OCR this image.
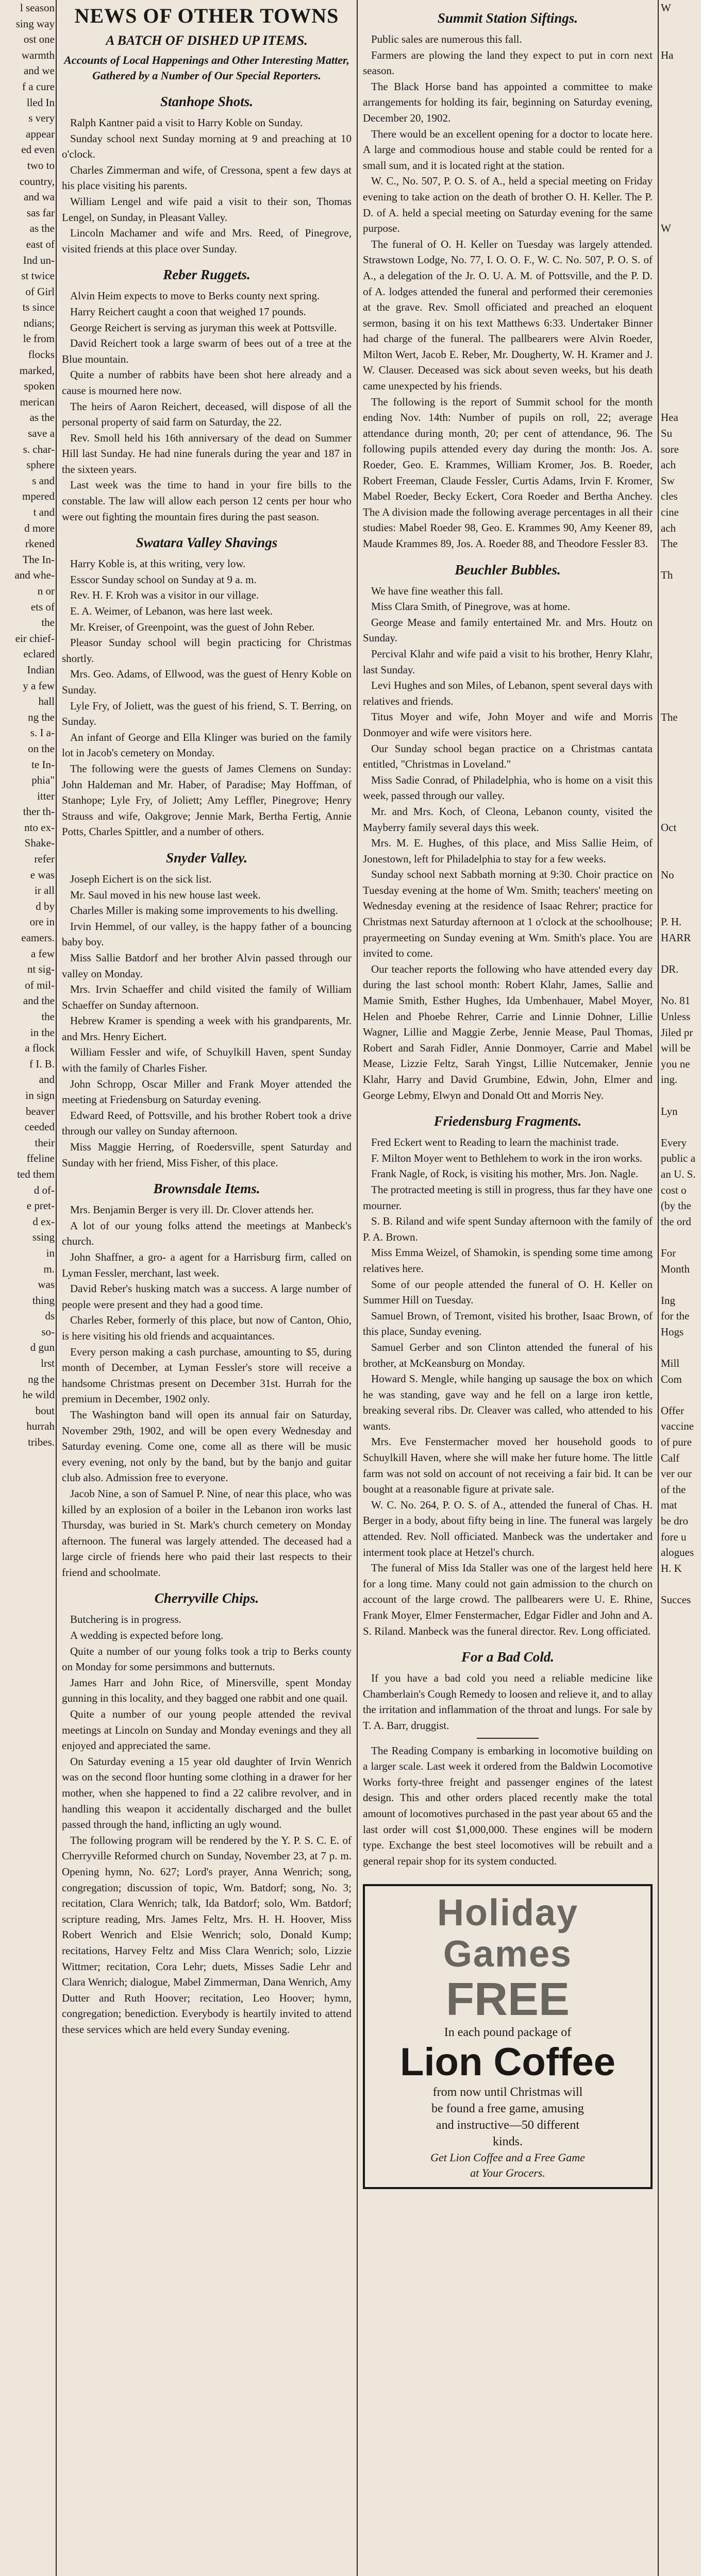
l season
sing way
ost one
warmth
and we
f a cure
lled In
s very
appear
ed even
two to
country,
and wa
sas far
as the
east of
Ind un-
st twice
of Girl
ts since
ndians;
le from
flocks
marked,
spoken
merican
as the
save a
s. char-
sphere
s and
mpered
t and
d more
rkened
The In-
and whe-
n or
ets of
the
eir chief-
eclared
Indian
y a few
hall
ng the
s. I a-
on the
te In-
phia"
itter
ther th-
nto ex-
Shake-
refer
e was
ir all
d by
ore in
eamers.
a few
nt sig-
of mil-
and the
the
in the
a flock
f I. B.
and
in sign
beaver
ceeded
their
ffeline
ted them
d of-
e pret-
d ex-
ssing
in
m.
was
thing
ds
so-
d gun
lrst
ng the
he wild
bout
hurrah
tribes.
NEWS OF OTHER TOWNS
A BATCH OF DISHED UP ITEMS.
Accounts of Local Happenings and Other Interesting Matter, Gathered by a Number of Our Special Reporters.
Stanhope Shots.

Ralph Kantner paid a visit to Harry Koble on Sunday.

Sunday school next Sunday morning at 9 and preaching at 10 o'clock.

Charles Zimmerman and wife, of Cressona, spent a few days at his place visiting his parents.

William Lengel and wife paid a visit to their son, Thomas Lengel, on Sunday, in Pleasant Valley.

Lincoln Machamer and wife and Mrs. Reed, of Pinegrove, visited friends at this place over Sunday.

Reber Ruggets.

Alvin Heim expects to move to Berks county next spring.

Harry Reichert caught a coon that weighed 17 pounds.

George Reichert is serving as juryman this week at Pottsville.

David Reichert took a large swarm of bees out of a tree at the Blue mountain.

Quite a number of rabbits have been shot here already and a cause is mourned here now.

The heirs of Aaron Reichert, deceased, will dispose of all the personal property of said farm on Saturday, the 22.

Rev. Smoll held his 16th anniversary of the dead on Summer Hill last Sunday. He had nine funerals during the year and 187 in the sixteen years.

Last week was the time to hand in your fire bills to the constable. The law will allow each person 12 cents per hour who were out fighting the mountain fires during the past season.

Swatara Valley Shavings

Harry Koble is, at this writing, very low.

Esscor Sunday school on Sunday at 9 a. m.

Rev. H. F. Kroh was a visitor in our village.

E. A. Weimer, of Lebanon, was here last week.

Mr. Kreiser, of Greenpoint, was the guest of John Reber.

Pleasor Sunday school will begin practicing for Christmas shortly.

Mrs. Geo. Adams, of Ellwood, was the guest of Henry Koble on Sunday.

Lyle Fry, of Joliett, was the guest of his friend, S. T. Berring, on Sunday.

An infant of George and Ella Klinger was buried on the family lot in Jacob's cemetery on Monday.

The following were the guests of James Clemens on Sunday: John Haldeman and Mr. Haber, of Paradise; May Hoffman, of Stanhope; Lyle Fry, of Joliett; Amy Leffler, Pinegrove; Henry Strauss and wife, Oakgrove; Jennie Mark, Bertha Fertig, Annie Potts, Charles Spittler, and a number of others.

Snyder Valley.

Joseph Eichert is on the sick list.

Mr. Saul moved in his new house last week.

Charles Miller is making some improvements to his dwelling.

Irvin Hemmel, of our valley, is the happy father of a bouncing baby boy.

Miss Sallie Batdorf and her brother Alvin passed through our valley on Monday.

Mrs. Irvin Schaeffer and child visited the family of William Schaeffer on Sunday afternoon.

Hebrew Kramer is spending a week with his grandparents, Mr. and Mrs. Henry Eichert.

William Fessler and wife, of Schuylkill Haven, spent Sunday with the family of Charles Fisher.

John Schropp, Oscar Miller and Frank Moyer attended the meeting at Friedensburg on Saturday evening.

Edward Reed, of Pottsville, and his brother Robert took a drive through our valley on Sunday afternoon.

Miss Maggie Herring, of Roedersville, spent Saturday and Sunday with her friend, Miss Fisher, of this place.

Brownsdale Items.

Mrs. Benjamin Berger is very ill. Dr. Clover attends her.

A lot of our young folks attend the meetings at Manbeck's church.

John Shaffner, a gro- a agent for a Harrisburg firm, called on Lyman Fessler, merchant, last week.

David Reber's husking match was a success. A large number of people were present and they had a good time.

Charles Reber, formerly of this place, but now of Canton, Ohio, is here visiting his old friends and acquaintances.

Every person making a cash purchase, amounting to $5, during month of December, at Lyman Fessler's store will receive a handsome Christmas present on December 31st. Hurrah for the premium in December, 1902 only.

The Washington band will open its annual fair on Saturday, November 29th, 1902, and will be open every Wednesday and Saturday evening. Come one, come all as there will be music every evening, not only by the band, but by the banjo and guitar club also. Admission free to everyone.

Jacob Nine, a son of Samuel P. Nine, of near this place, who was killed by an explosion of a boiler in the Lebanon iron works last Thursday, was buried in St. Mark's church cemetery on Monday afternoon. The funeral was largely attended. The deceased had a large circle of friends here who paid their last respects to their friend and schoolmate.

Cherryville Chips.

Butchering is in progress.

A wedding is expected before long.

Quite a number of our young folks took a trip to Berks county on Monday for some persimmons and butternuts.

James Harr and John Rice, of Minersville, spent Monday gunning in this locality, and they bagged one rabbit and one quail.

Quite a number of our young people attended the revival meetings at Lincoln on Sunday and Monday evenings and they all enjoyed and appreciated the same.

On Saturday evening a 15 year old daughter of Irvin Wenrich was on the second floor hunting some clothing in a drawer for her mother, when she happened to find a 22 calibre revolver, and in handling this weapon it accidentally discharged and the bullet passed through the hand, inflicting an ugly wound.

The following program will be rendered by the Y. P. S. C. E. of Cherryville Reformed church on Sunday, November 23, at 7 p. m. Opening hymn, No. 627; Lord's prayer, Anna Wenrich; song, congregation; discussion of topic, Wm. Batdorf; song, No. 3; recitation, Clara Wenrich; talk, Ida Batdorf; solo, Wm. Batdorf; scripture reading, Mrs. James Feltz, Mrs. H. H. Hoover, Miss Robert Wenrich and Elsie Wenrich; solo, Donald Kump; recitations, Harvey Feltz and Miss Clara Wenrich; solo, Lizzie Wittmer; recitation, Cora Lehr; duets, Misses Sadie Lehr and Clara Wenrich; dialogue, Mabel Zimmerman, Dana Wenrich, Amy Dutter and Ruth Hoover; recitation, Leo Hoover; hymn, congregation; benediction. Everybody is heartily invited to attend these services which are held every Sunday evening.

Summit Station Siftings.

Public sales are numerous this fall.

Farmers are plowing the land they expect to put in corn next season.

The Black Horse band has appointed a committee to make arrangements for holding its fair, beginning on Saturday evening, December 20, 1902.

There would be an excellent opening for a doctor to locate here. A large and commodious house and stable could be rented for a small sum, and it is located right at the station.

W. C., No. 507, P. O. S. of A., held a special meeting on Friday evening to take action on the death of brother O. H. Keller. The P. D. of A. held a special meeting on Saturday evening for the same purpose.

The funeral of O. H. Keller on Tuesday was largely attended. Strawstown Lodge, No. 77, I. O. O. F., W. C. No. 507, P. O. S. of A., a delegation of the Jr. O. U. A. M. of Pottsville, and the P. D. of A. lodges attended the funeral and performed their ceremonies at the grave. Rev. Smoll officiated and preached an eloquent sermon, basing it on his text Matthews 6:33. Undertaker Binner had charge of the funeral. The pallbearers were Alvin Roeder, Milton Wert, Jacob E. Reber, Mr. Dougherty, W. H. Kramer and J. W. Clauser. Deceased was sick about seven weeks, but his death came unexpected by his friends.

The following is the report of Summit school for the month ending Nov. 14th: Number of pupils on roll, 22; average attendance during month, 20; per cent of attendance, 96. The following pupils attended every day during the month: Jos. A. Roeder, Geo. E. Krammes, William Kromer, Jos. B. Roeder, Robert Freeman, Claude Fessler, Curtis Adams, Irvin F. Kromer, Mabel Roeder, Becky Eckert, Cora Roeder and Bertha Anchey. The A division made the following average percentages in all their studies: Mabel Roeder 98, Geo. E. Krammes 90, Amy Keener 89, Maude Krammes 89, Jos. A. Roeder 88, and Theodore Fessler 83.

Beuchler Bubbles.

We have fine weather this fall.

Miss Clara Smith, of Pinegrove, was at home.

George Mease and family entertained Mr. and Mrs. Houtz on Sunday.

Percival Klahr and wife paid a visit to his brother, Henry Klahr, last Sunday.

Levi Hughes and son Miles, of Lebanon, spent several days with relatives and friends.

Titus Moyer and wife, John Moyer and wife and Morris Donmoyer and wife were visitors here.

Our Sunday school began practice on a Christmas cantata entitled, "Christmas in Loveland."

Miss Sadie Conrad, of Philadelphia, who is home on a visit this week, passed through our valley.

Mr. and Mrs. Koch, of Cleona, Lebanon county, visited the Mayberry family several days this week.

Mrs. M. E. Hughes, of this place, and Miss Sallie Heim, of Jonestown, left for Philadelphia to stay for a few weeks.

Sunday school next Sabbath morning at 9:30. Choir practice on Tuesday evening at the home of Wm. Smith; teachers' meeting on Wednesday evening at the residence of Isaac Rehrer; practice for Christmas next Saturday afternoon at 1 o'clock at the schoolhouse; prayermeeting on Sunday evening at Wm. Smith's place. You are invited to come.

Our teacher reports the following who have attended every day during the last school month: Robert Klahr, James, Sallie and Mamie Smith, Esther Hughes, Ida Umbenhauer, Mabel Moyer, Helen and Phoebe Rehrer, Carrie and Linnie Dohner, Lillie Wagner, Lillie and Maggie Zerbe, Jennie Mease, Paul Thomas, Robert and Sarah Fidler, Annie Donmoyer, Carrie and Mabel Mease, Lizzie Feltz, Sarah Yingst, Lillie Nutcemaker, Jennie Klahr, Harry and David Grumbine, Edwin, John, Elmer and George Lebmy, Elwyn and Donald Ott and Morris Ney.

Friedensburg Fragments.

Fred Eckert went to Reading to learn the machinist trade.

F. Milton Moyer went to Bethlehem to work in the iron works.

Frank Nagle, of Rock, is visiting his mother, Mrs. Jon. Nagle.

The protracted meeting is still in progress, thus far they have one mourner.

S. B. Riland and wife spent Sunday afternoon with the family of P. A. Brown.

Miss Emma Weizel, of Shamokin, is spending some time among relatives here.

Some of our people attended the funeral of O. H. Keller on Summer Hill on Tuesday.

Samuel Brown, of Tremont, visited his brother, Isaac Brown, of this place, Sunday evening.

Samuel Gerber and son Clinton attended the funeral of his brother, at McKeansburg on Monday.

Howard S. Mengle, while hanging up sausage the box on which he was standing, gave way and he fell on a large iron kettle, breaking several ribs. Dr. Cleaver was called, who attended to his wants.

Mrs. Eve Fenstermacher moved her household goods to Schuylkill Haven, where she will make her future home. The little farm was not sold on account of not receiving a fair bid. It can be bought at a reasonable figure at private sale.

W. C. No. 264, P. O. S. of A., attended the funeral of Chas. H. Berger in a body, about fifty being in line. The funeral was largely attended. Rev. Noll officiated. Manbeck was the undertaker and interment took place at Hetzel's church.

The funeral of Miss Ida Staller was one of the largest held here for a long time. Many could not gain admission to the church on account of the large crowd. The pallbearers were U. E. Rhine, Frank Moyer, Elmer Fenstermacher, Edgar Fidler and John and A. S. Riland. Manbeck was the funeral director. Rev. Long officiated.

For a Bad Cold.

If you have a bad cold you need a reliable medicine like Chamberlain's Cough Remedy to loosen and relieve it, and to allay the irritation and inflammation of the throat and lungs. For sale by T. A. Barr, druggist.

The Reading Company is embarking in locomotive building on a larger scale. Last week it ordered from the Baldwin Locomotive Works forty-three freight and passenger engines of the latest design. This and other orders placed recently make the total amount of locomotives purchased in the past year about 65 and the last order will cost $1,000,000. These engines will be modern type. Exchange the best steel locomotives will be rebuilt and a general repair shop for its system conducted.

Holiday
Games
FREE
In each pound package of
Lion Coffee
from now until Christmas will
be found a free game, amusing
and instructive—50 different
kinds.
Get Lion Coffee and a Free Game
at Your Grocers.
W

Ha

W

Hea
Su
sore
ach
Sw
cles
cine
ach
The

Th

The

Oct

No

P. H.
HARR

DR.

No. 81
Unless
Jiled pr
will be
you ne
ing.

Lyn

Every
public a
an U. S.
cost o
(by the
the ord

For
Month

Ing
for the
Hogs

Mill
Com

Offer
vaccine
of pure
Calf
ver our
of the
mat
be dro
fore u
alogues
H. K

Succes
